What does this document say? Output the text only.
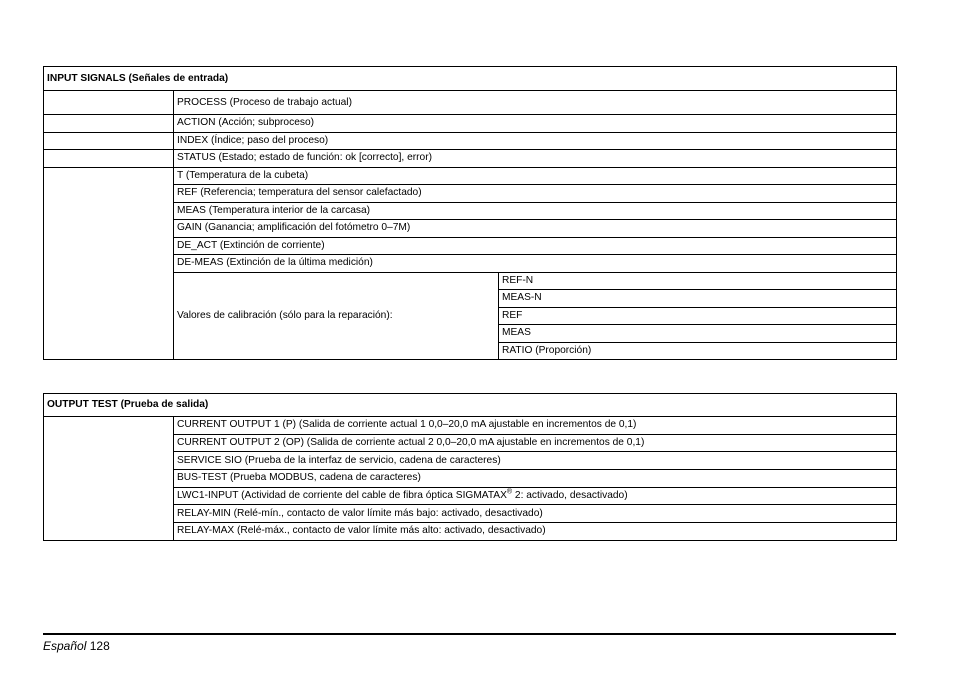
INPUT SIGNALS (Señales de entrada)		
	PROCESS (Proceso de trabajo actual)	
	ACTION (Acción; subproceso)	
	INDEX (Índice; paso del proceso)	
	STATUS (Estado; estado de función: ok [correcto], error)	
	T (Temperatura de la cubeta)	
	REF (Referencia; temperatura del sensor calefactado)	
	MEAS (Temperatura interior de la carcasa)	
	GAIN (Ganancia; amplificación del fotómetro 0–7M)	
	DE_ACT (Extinción de corriente)	
	DE-MEAS (Extinción de la última medición)	
	Valores de calibración (sólo para la reparación):	REF-N
		MEAS-N
		REF
		MEAS
		RATIO (Proporción)
OUTPUT TEST (Prueba de salida)
	CURRENT OUTPUT 1 (P) (Salida de corriente actual 1 0,0–20,0 mA ajustable en incrementos de 0,1)
CURRENT OUTPUT 2 (OP) (Salida de corriente actual 2 0,0–20,0 mA ajustable en incrementos de 0,1)
SERVICE SIO (Prueba de la interfaz de servicio, cadena de caracteres)
BUS-TEST (Prueba MODBUS, cadena de caracteres)
LWC1-INPUT (Actividad de corriente del cable de fibra óptica SIGMATAX® 2: activado, desactivado)
RELAY-MIN (Relé-mín., contacto de valor límite más bajo: activado, desactivado)
RELAY-MAX (Relé-máx., contacto de valor límite más alto: activado, desactivado)
Español 128
